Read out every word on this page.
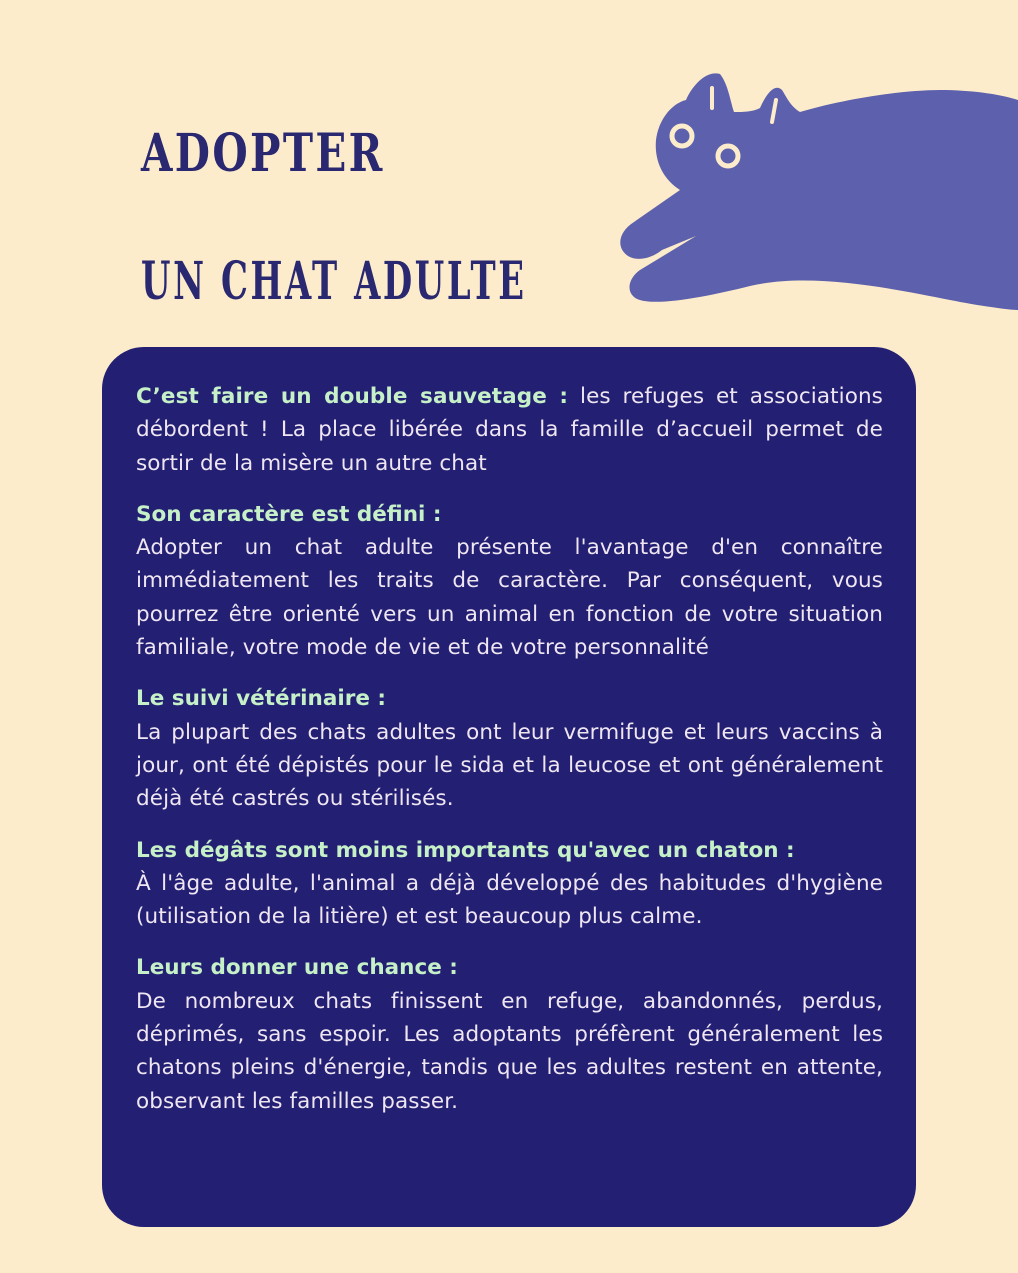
ADOPTER
UN CHAT ADULTE

C’est faire un double sauvetage : les refuges et associations débordent ! La place libérée dans la famille d’accueil permet de sortir de la misère un autre chat

Son caractère est défini :

Adopter un chat adulte présente l'avantage d'en connaître immédiatement les traits de caractère. Par conséquent, vous pourrez être orienté vers un animal en fonction de votre situation familiale, votre mode de vie et de votre personnalité

Le suivi vétérinaire :

La plupart des chats adultes ont leur vermifuge et leurs vaccins à jour, ont été dépistés pour le sida et la leucose et ont généralement déjà été castrés ou stérilisés.

Les dégâts sont moins importants qu'avec un chaton :

À l'âge adulte, l'animal a déjà développé des habitudes d'hygiène (utilisation de la litière) et est beaucoup plus calme.

Leurs donner une chance :

De nombreux chats finissent en refuge, abandonnés, perdus, déprimés, sans espoir. Les adoptants préfèrent généralement les chatons pleins d'énergie, tandis que les adultes restent en attente, observant les familles passer.
